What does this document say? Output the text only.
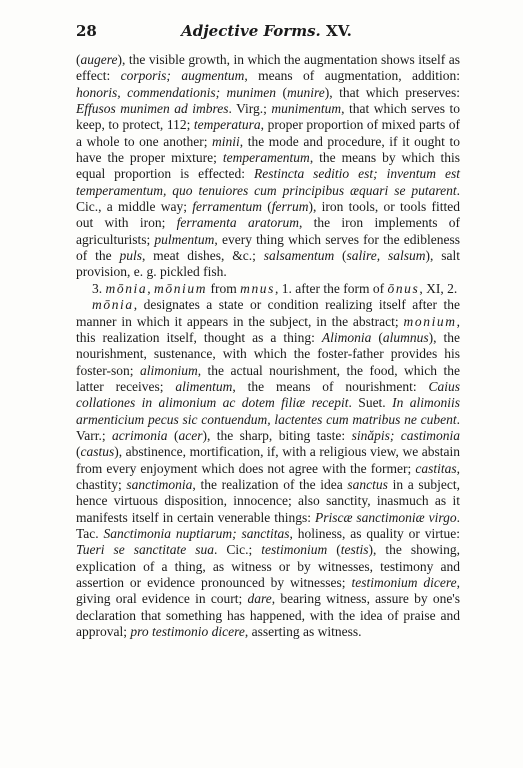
28	Adjective Forms. XV.

(augere), the visible growth, in which the augmentation shows itself as effect: corporis; augmentum, means of augmentation, addition: honoris, commendationis; munimen (munire), that which preserves: Effusos munimen ad imbres. Virg.; munimentum, that which serves to keep, to protect, 112; temperatura, proper proportion of mixed parts of a whole to one another; minii, the mode and procedure, if it ought to have the proper mixture; temperamentum, the means by which this equal proportion is effected: Restincta seditio est; inventum est temperamentum, quo tenuiores cum principibus æquari se putarent. Cic., a middle way; ferramentum (ferrum), iron tools, or tools fitted out with iron; ferramenta aratorum, the iron implements of agriculturists; pulmentum, every thing which serves for the edibleness of the puls, meat dishes, &c.; salsamentum (salire, salsum), salt provision, e. g. pickled fish.

3. mōnia, mōnium from mnus, 1. after the form of ōnus, XI, 2.

mōnia, designates a state or condition realizing itself after the manner in which it appears in the subject, in the abstract; monium, this realization itself, thought as a thing: Alimonia (alumnus), the nourishment, sustenance, with which the foster-father provides his foster-son; alimonium, the actual nourishment, the food, which the latter receives; alimentum, the means of nourishment: Caius collationes in alimonium ac dotem filiæ recepit. Suet. In alimoniis armenticium pecus sic contuendum, lactentes cum matribus ne cubent. Varr.; acrimonia (acer), the sharp, biting taste: sinăpis; castimonia (castus), abstinence, mortification, if, with a religious view, we abstain from every enjoyment which does not agree with the former; castitas, chastity; sanctimonia, the realization of the idea sanctus in a subject, hence virtuous disposition, innocence; also sanctity, inasmuch as it manifests itself in certain venerable things: Priscæ sanctimoniæ virgo. Tac. Sanctimonia nuptiarum; sanctitas, holiness, as quality or virtue: Tueri se sanctitate sua. Cic.; testimonium (testis), the showing, explication of a thing, as witness or by witnesses, testimony and assertion or evidence pronounced by witnesses; testimonium dicere, giving oral evidence in court; dare, bearing witness, assure by one's declaration that something has happened, with the idea of praise and approval; pro testimonio dicere, asserting as witness.
